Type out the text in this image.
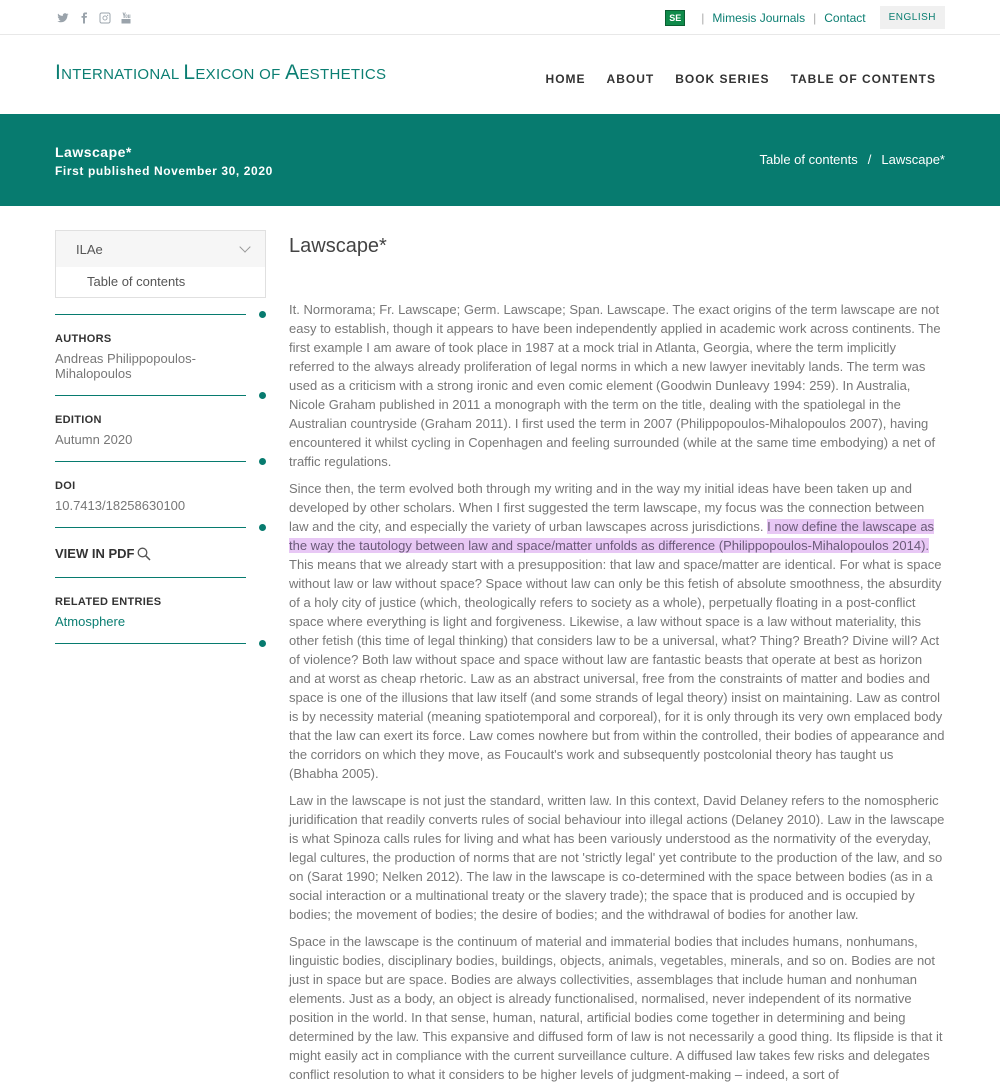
SE	| Mimesis Journals | Contact	ENGLISH
INTERNATIONAL LEXICON OF AESTHETICS	HOME ABOUT BOOK SERIES TABLE OF CONTENTS
Lawscape*
First published November 30, 2020
Table of contents / Lawscape*
ILAe
Table of contents
AUTHORS
Andreas Philippopoulos-Mihalopoulos
EDITION
Autumn 2020
DOI
10.7413/18258630100
VIEW IN PDF
RELATED ENTRIES
Atmosphere
Lawscape*

It. Normorama; Fr. Lawscape; Germ. Lawscape; Span. Lawscape. The exact origins of the term lawscape are not easy to establish, though it appears to have been independently applied in academic work across continents. The first example I am aware of took place in 1987 at a mock trial in Atlanta, Georgia, where the term implicitly referred to the always already proliferation of legal norms in which a new lawyer inevitably lands. The term was used as a criticism with a strong ironic and even comic element (Goodwin Dunleavy 1994: 259). In Australia, Nicole Graham published in 2011 a monograph with the term on the title, dealing with the spatiolegal in the Australian countryside (Graham 2011). I first used the term in 2007 (Philippopoulos-Mihalopoulos 2007), having encountered it whilst cycling in Copenhagen and feeling surrounded (while at the same time embodying) a net of traffic regulations.

Since then, the term evolved both through my writing and in the way my initial ideas have been taken up and developed by other scholars. When I first suggested the term lawscape, my focus was the connection between law and the city, and especially the variety of urban lawscapes across jurisdictions. I now define the lawscape as the way the tautology between law and space/matter unfolds as difference (Philippopoulos-Mihalopoulos 2014). This means that we already start with a presupposition: that law and space/matter are identical. For what is space without law or law without space? Space without law can only be this fetish of absolute smoothness, the absurdity of a holy city of justice (which, theologically refers to society as a whole), perpetually floating in a post-conflict space where everything is light and forgiveness. Likewise, a law without space is a law without materiality, this other fetish (this time of legal thinking) that considers law to be a universal, what? Thing? Breath? Divine will? Act of violence? Both law without space and space without law are fantastic beasts that operate at best as horizon and at worst as cheap rhetoric. Law as an abstract universal, free from the constraints of matter and bodies and space is one of the illusions that law itself (and some strands of legal theory) insist on maintaining. Law as control is by necessity material (meaning spatiotemporal and corporeal), for it is only through its very own emplaced body that the law can exert its force. Law comes nowhere but from within the controlled, their bodies of appearance and the corridors on which they move, as Foucault's work and subsequently postcolonial theory has taught us (Bhabha 2005).

Law in the lawscape is not just the standard, written law. In this context, David Delaney refers to the nomospheric juridification that readily converts rules of social behaviour into illegal actions (Delaney 2010). Law in the lawscape is what Spinoza calls rules for living and what has been variously understood as the normativity of the everyday, legal cultures, the production of norms that are not 'strictly legal' yet contribute to the production of the law, and so on (Sarat 1990; Nelken 2012). The law in the lawscape is co-determined with the space between bodies (as in a social interaction or a multinational treaty or the slavery trade); the space that is produced and is occupied by bodies; the movement of bodies; the desire of bodies; and the withdrawal of bodies for another law.

Space in the lawscape is the continuum of material and immaterial bodies that includes humans, nonhumans, linguistic bodies, disciplinary bodies, buildings, objects, animals, vegetables, minerals, and so on. Bodies are not just in space but are space. Bodies are always collectivities, assemblages that include human and nonhuman elements. Just as a body, an object is already functionalised, normalised, never independent of its normative position in the world. In that sense, human, natural, artificial bodies come together in determining and being determined by the law. This expansive and diffused form of law is not necessarily a good thing. Its flipside is that it might easily act in compliance with the current surveillance culture. A diffused law takes few risks and delegates conflict resolution to what it considers to be higher levels of judgment-making – indeed, a sort of
